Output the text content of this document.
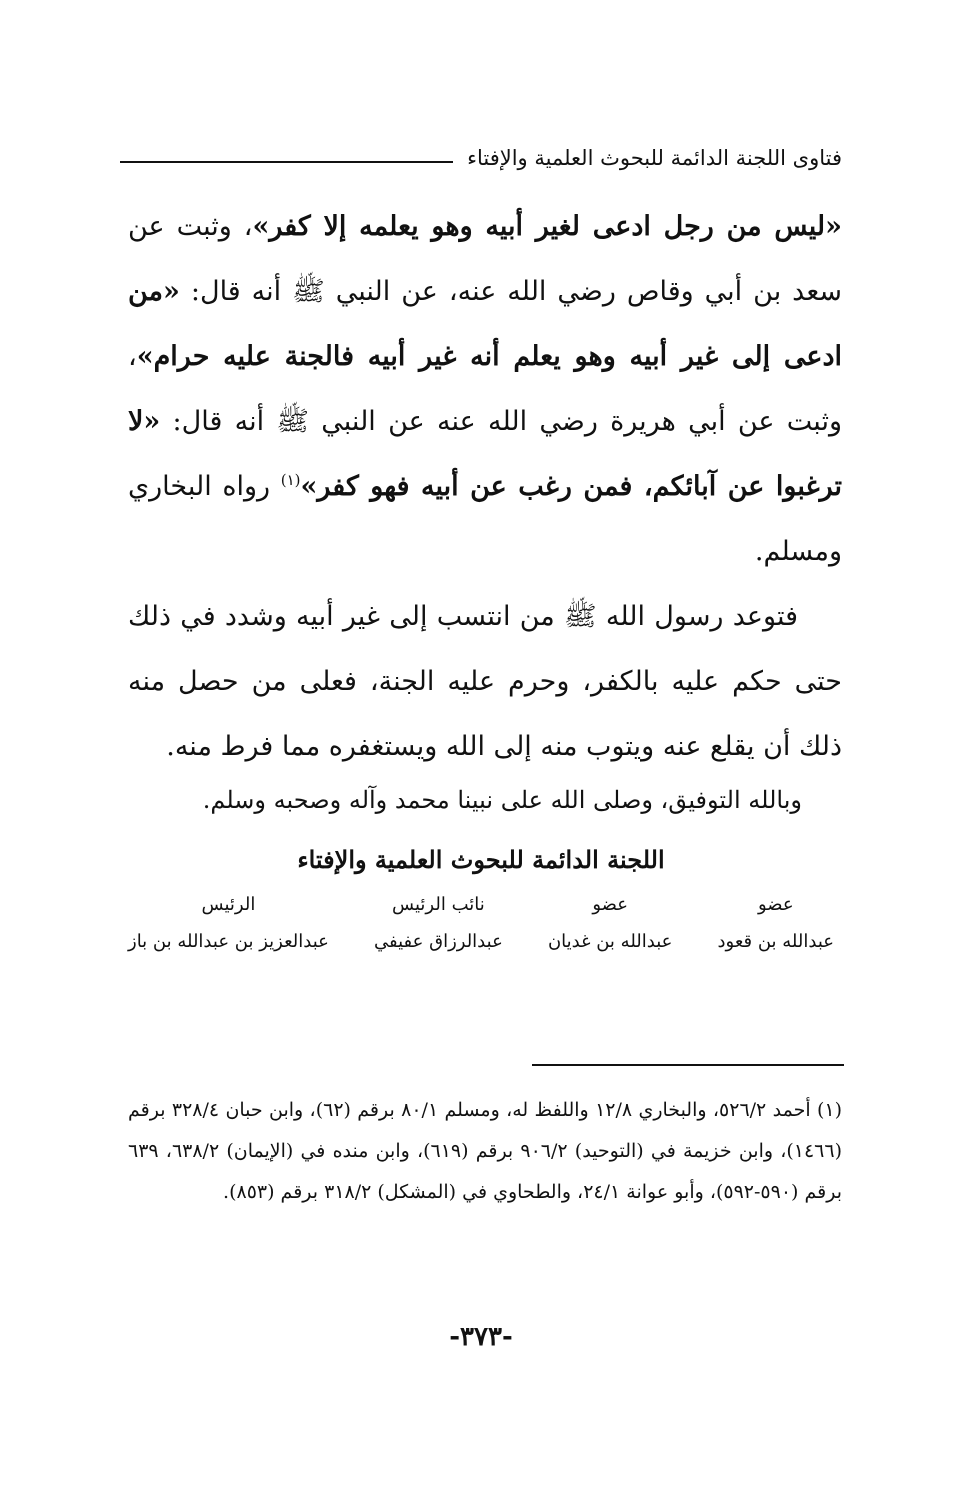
فتاوى اللجنة الدائمة للبحوث العلمية والإفتاء

«ليس من رجل ادعى لغير أبيه وهو يعلمه إلا كفر»، وثبت عن سعد بن أبي وقاص رضي الله عنه، عن النبي ﷺ أنه قال: «من ادعى إلى غير أبيه وهو يعلم أنه غير أبيه فالجنة عليه حرام»، وثبت عن أبي هريرة رضي الله عنه عن النبي ﷺ أنه قال: «لا ترغبوا عن آبائكم، فمن رغب عن أبيه فهو كفر»$^{(١)}$ رواه البخاري ومسلم.

فتوعد رسول الله ﷺ من انتسب إلى غير أبيه وشدد في ذلك حتى حكم عليه بالكفر، وحرم عليه الجنة، فعلى من حصل منه ذلك أن يقلع عنه ويتوب منه إلى الله ويستغفره مما فرط منه.

وبالله التوفيق، وصلى الله على نبينا محمد وآله وصحبه وسلم.
اللجنة الدائمة للبحوث العلمية والإفتاء
عضو
عبدالله بن قعود
عضو
عبدالله بن غديان
نائب الرئيس
عبدالرزاق عفيفي
الرئيس
عبدالعزيز بن عبدالله بن باز
(١) أحمد ٥٢٦/٢، والبخاري ١٢/٨ واللفظ له، ومسلم ٨٠/١ برقم (٦٢)، وابن حبان ٣٢٨/٤ برقم (١٤٦٦)، وابن خزيمة في (التوحيد) ٩٠٦/٢ برقم (٦١٩)، وابن منده في (الإيمان) ٦٣٨/٢، ٦٣٩ برقم (٥٩٠-٥٩٢)، وأبو عوانة ٢٤/١، والطحاوي في (المشكل) ٣١٨/٢ برقم (٨٥٣).
-٣٧٣-
